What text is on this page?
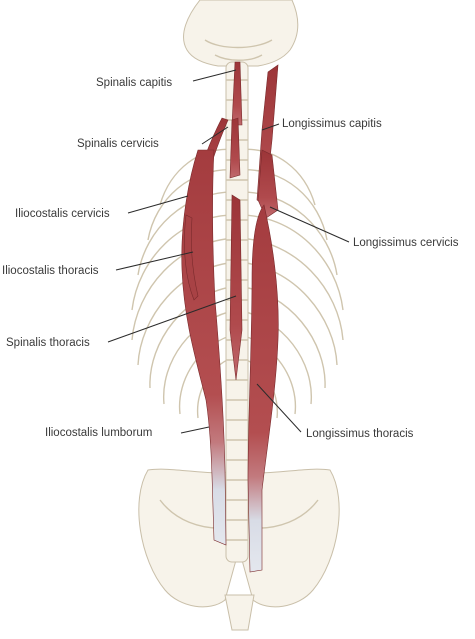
Spinalis capitis
Spinalis cervicis
Longissimus capitis
Iliocostalis cervicis
Longissimus cervicis
Iliocostalis thoracis
Spinalis thoracis
Iliocostalis lumborum	Longissimus thoracis
